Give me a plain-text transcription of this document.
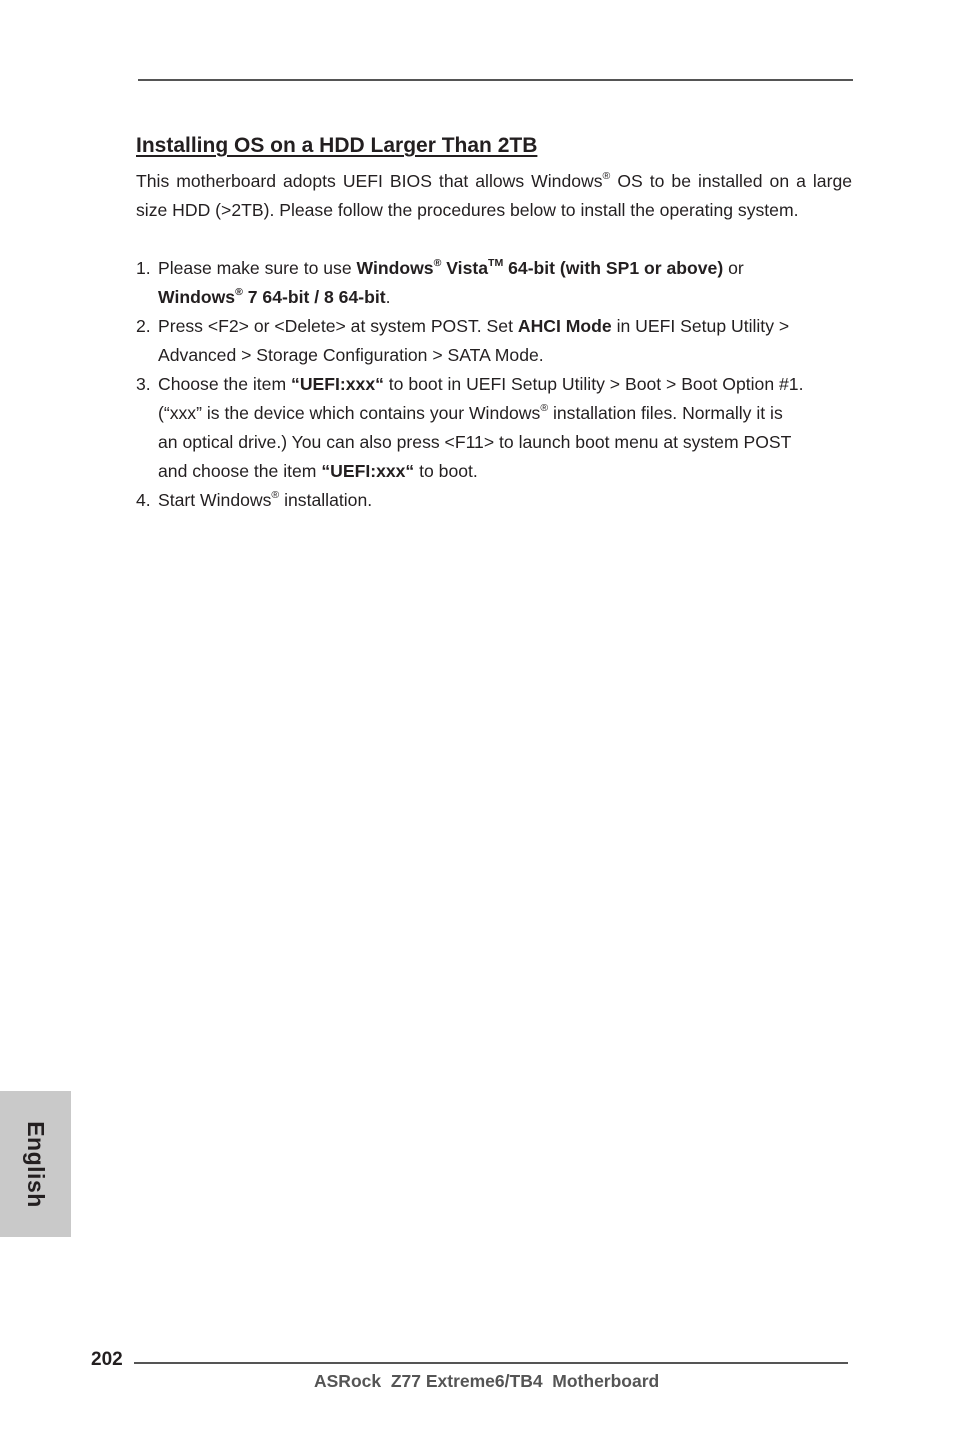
Installing OS on a HDD Larger Than 2TB

This motherboard adopts UEFI BIOS that allows Windows® OS to be installed on a large size HDD (>2TB). Please follow the procedures below to install the operating system.

1. Please make sure to use Windows® Vista™ 64-bit (with SP1 or above) or
Windows® 7 64-bit / 8 64-bit.
2. Press <F2> or <Delete> at system POST. Set AHCI Mode in UEFI Setup Utility >
Advanced > Storage Configuration > SATA Mode.
3. Choose the item “UEFI:xxx“ to boot in UEFI Setup Utility > Boot > Boot Option #1.
(“xxx” is the device which contains your Windows® installation files. Normally it is
an optical drive.) You can also press <F11> to launch boot menu at system POST
and choose the item “UEFI:xxx“ to boot.
4. Start Windows® installation.
English
202
ASRock  Z77 Extreme6/TB4  Motherboard
